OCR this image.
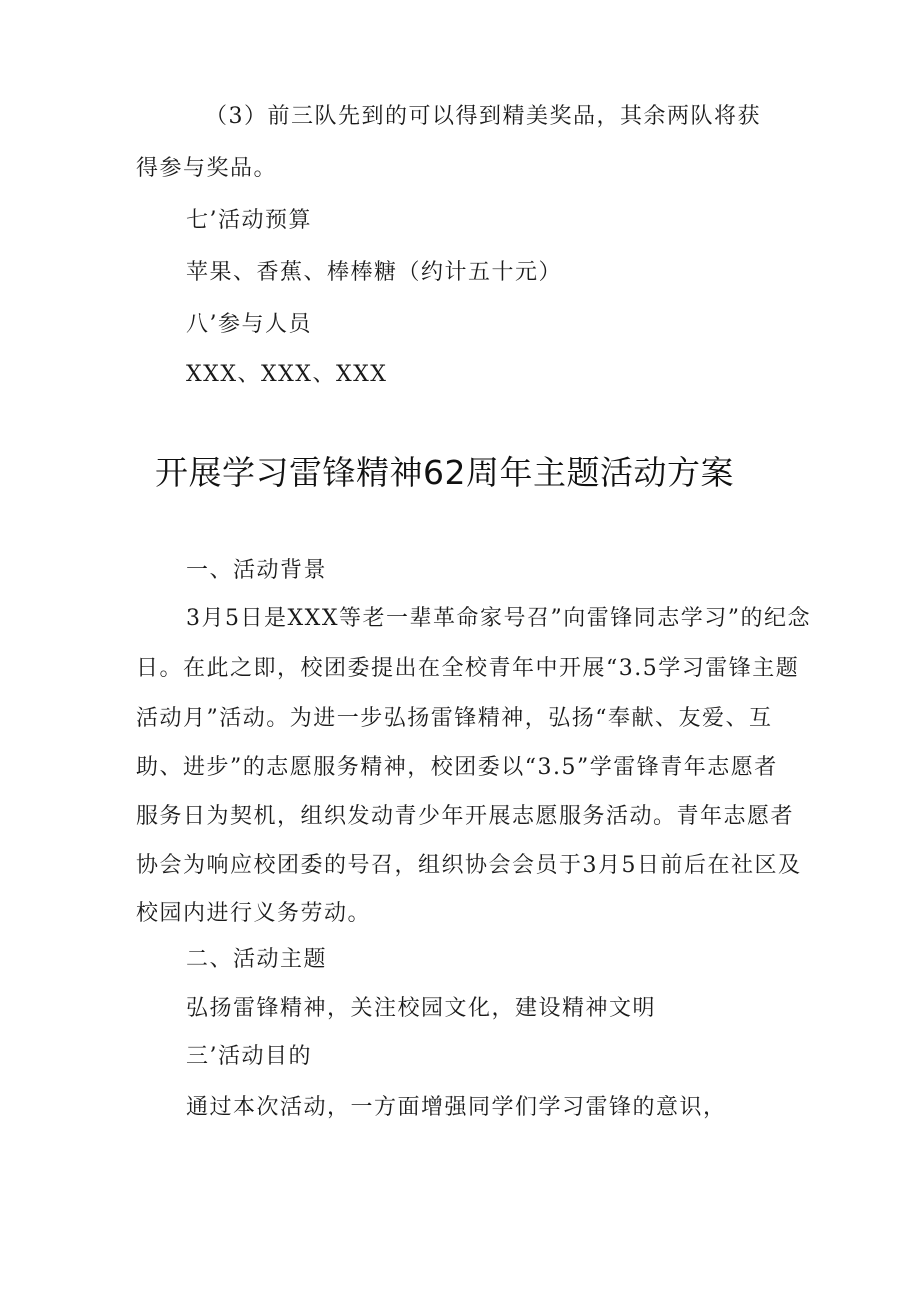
（3）前三队先到的可以得到精美奖品，其余两队将获
得参与奖品。
七’活动预算
苹果、香蕉、棒棒糖（约计五十元）
八’参与人员
XXX、XXX、XXX
开展学习雷锋精神62周年主题活动方案
一、活动背景
3月5日是XXX等老一辈革命家号召”向雷锋同志学习”的纪念
日。在此之即，校团委提出在全校青年中开展“3.5学习雷锋主题
活动月”活动。为进一步弘扬雷锋精神，弘扬“奉献、友爱、互
助、进步”的志愿服务精神，校团委以“3.5”学雷锋青年志愿者
服务日为契机，组织发动青少年开展志愿服务活动。青年志愿者
协会为响应校团委的号召，组织协会会员于3月5日前后在社区及
校园内进行义务劳动。
二、活动主题
弘扬雷锋精神，关注校园文化，建设精神文明
三’活动目的
通过本次活动，一方面增强同学们学习雷锋的意识，
